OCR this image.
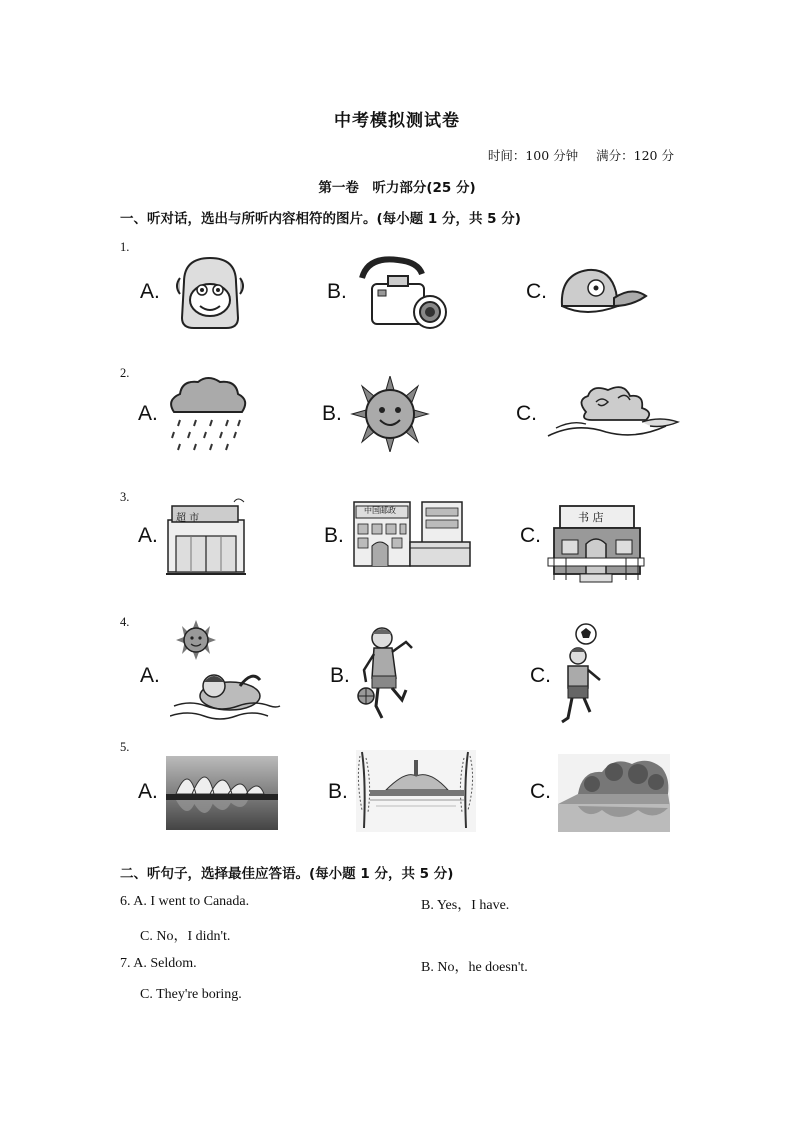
中考模拟测试卷
时间：100 分钟 满分：120 分
第一卷　听力部分(25 分)
一、听对话，选出与所听内容相符的图片。(每小题 1 分，共 5 分)
1.
A.	B.	C.
2.
A.	B.	C.
3.
A.
超 市
B.
中国邮政
C.
书 店
4.
A.	B.	C.
5.
A.	B.	C.
二、听句子，选择最佳应答语。(每小题 1 分，共 5 分)
6. A. I went to Canada.	B. Yes，I have.
C. No，I didn't.
7. A. Seldom.	B. No，he doesn't.
C. They're boring.
